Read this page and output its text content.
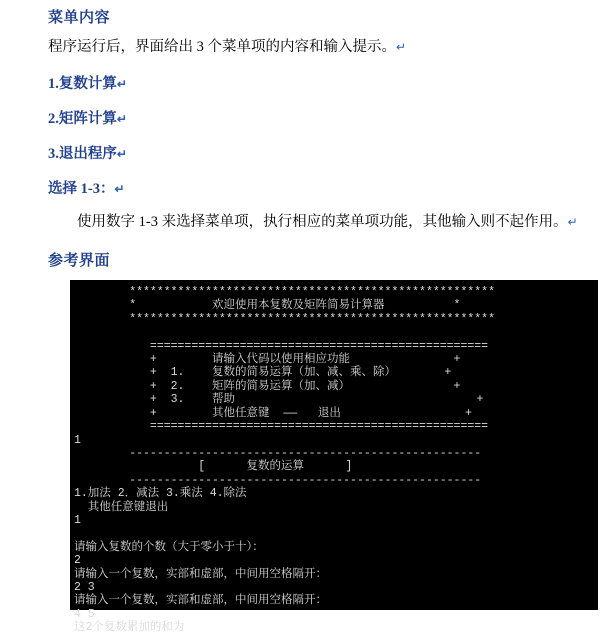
菜单内容
程序运行后，界面给出 3 个菜单项的内容和输入提示。↵
1.复数计算↵
2.矩阵计算↵
3.退出程序↵
选择 1-3：↵
使用数字 1-3 来选择菜单项，执行相应的菜单项功能，其他输入则不起作用。↵
参考界面
*****************************************************
*           欢迎使用本复数及矩阵简易计算器          *
*****************************************************

=================================================
+        请输入代码以使用相应功能               +
+  1.    复数的简易运算（加、减、乘、除）       +
+  2.    矩阵的简易运算（加、减）               +
+  3.    帮助                                   +
+        其他任意键  ——   退出                  +
=================================================
1
---------------------------------------------------
[      复数的运算      ]
---------------------------------------------------
1.加法 2．减法 3.乘法 4.除法
其他任意键退出
1

请输入复数的个数（大于零小于十）：
2
请输入一个复数，实部和虚部，中间用空格隔开：
2 3
请输入一个复数，实部和虚部，中间用空格隔开：
4 5
这2个复数累加的和为
